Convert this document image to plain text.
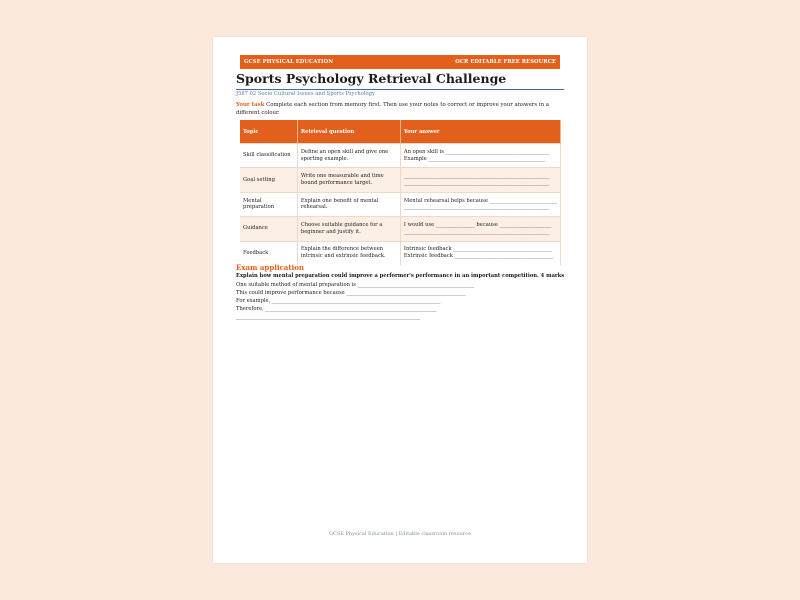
GCSE PHYSICAL EDUCATION	OCR EDITABLE FREE RESOURCE
Sports Psychology Retrieval Challenge
J587 02 Socio Cultural Issues and Sports Psychology
Your task Complete each section from memory first. Then use your notes to correct or improve your answers in a different colour.
Topic	Retrieval question	Your answer
Skill classification	Define an open skill and give one sporting example.	An open skill is ________________________________________
Example _____________________________________________

Goal setting	Write one measurable and time bound performance target.	________________________________________________________
________________________________________________________

Mental preparation	Explain one benefit of mental rehearsal.	Mental rehearsal helps because __________________________
________________________________________________________

Guidance	Choose suitable guidance for a beginner and justify it.	I would use _______________ because ____________________
________________________________________________________

Feedback	Explain the difference between intrinsic and extrinsic feedback.	Intrinsic feedback ______________________________________
Extrinsic feedback ______________________________________
Exam application
Explain how mental preparation could improve a performer's performance in an important competition. 4 marks
One suitable method of mental preparation is _____________________________________________
This could improve performance because ______________________________________________
For example, _________________________________________________________________
Therefore, __________________________________________________________________
_______________________________________________________________________
GCSE Physical Education | Editable classroom resource
